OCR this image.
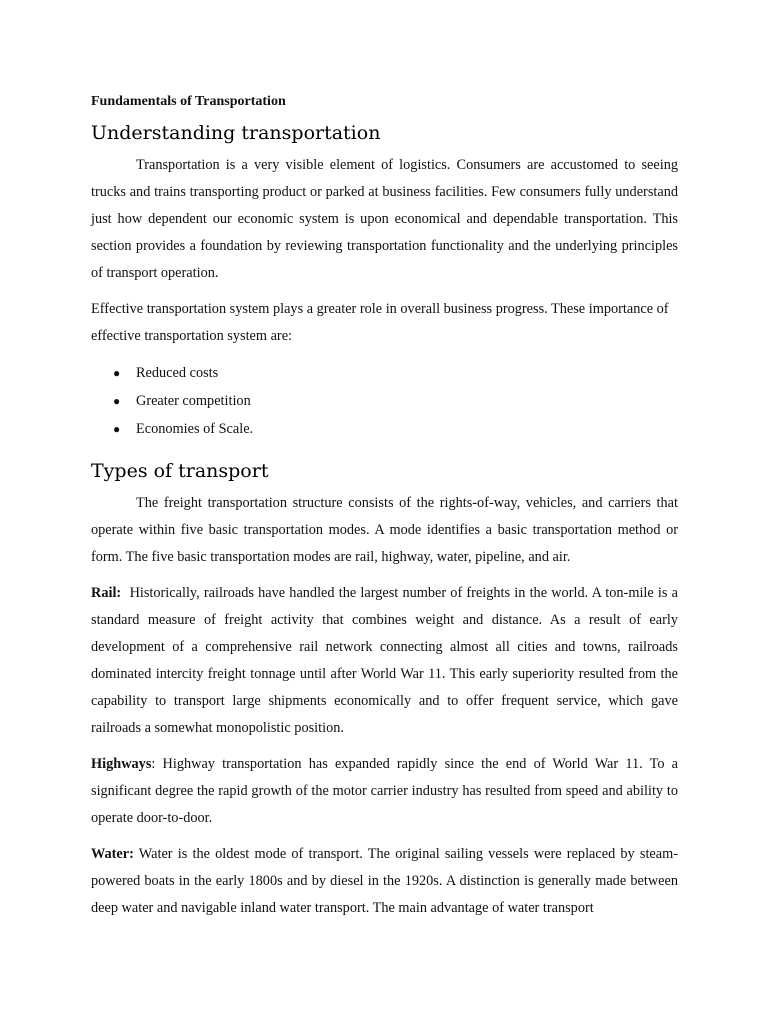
Fundamentals of Transportation
Understanding transportation

Transportation is a very visible element of logistics. Consumers are accustomed to seeing trucks and trains transporting product or parked at business facilities. Few consumers fully understand just how dependent our economic system is upon economical and dependable transportation. This section provides a foundation by reviewing transportation functionality and the underlying principles of transport operation.

Effective transportation system plays a greater role in overall business progress. These importance of effective transportation system are:

● Reduced costs
● Greater competition
● Economies of Scale.
Types of transport

The freight transportation structure consists of the rights-of-way, vehicles, and carriers that operate within five basic transportation modes. A mode identifies a basic transportation method or form. The five basic transportation modes are rail, highway, water, pipeline, and air.

Rail:  Historically, railroads have handled the largest number of freights in the world. A ton-mile is a standard measure of freight activity that combines weight and distance. As a result of early development of a comprehensive rail network connecting almost all cities and towns, railroads dominated intercity freight tonnage until after World War 11. This early superiority resulted from the capability to transport large shipments economically and to offer frequent service, which gave railroads a somewhat monopolistic position.

Highways: Highway transportation has expanded rapidly since the end of World War 11. To a significant degree the rapid growth of the motor carrier industry has resulted from speed and ability to operate door-to-door.

Water: Water is the oldest mode of transport. The original sailing vessels were replaced by steam-powered boats in the early 1800s and by diesel in the 1920s. A distinction is generally made between deep water and navigable inland water transport. The main advantage of water transport
